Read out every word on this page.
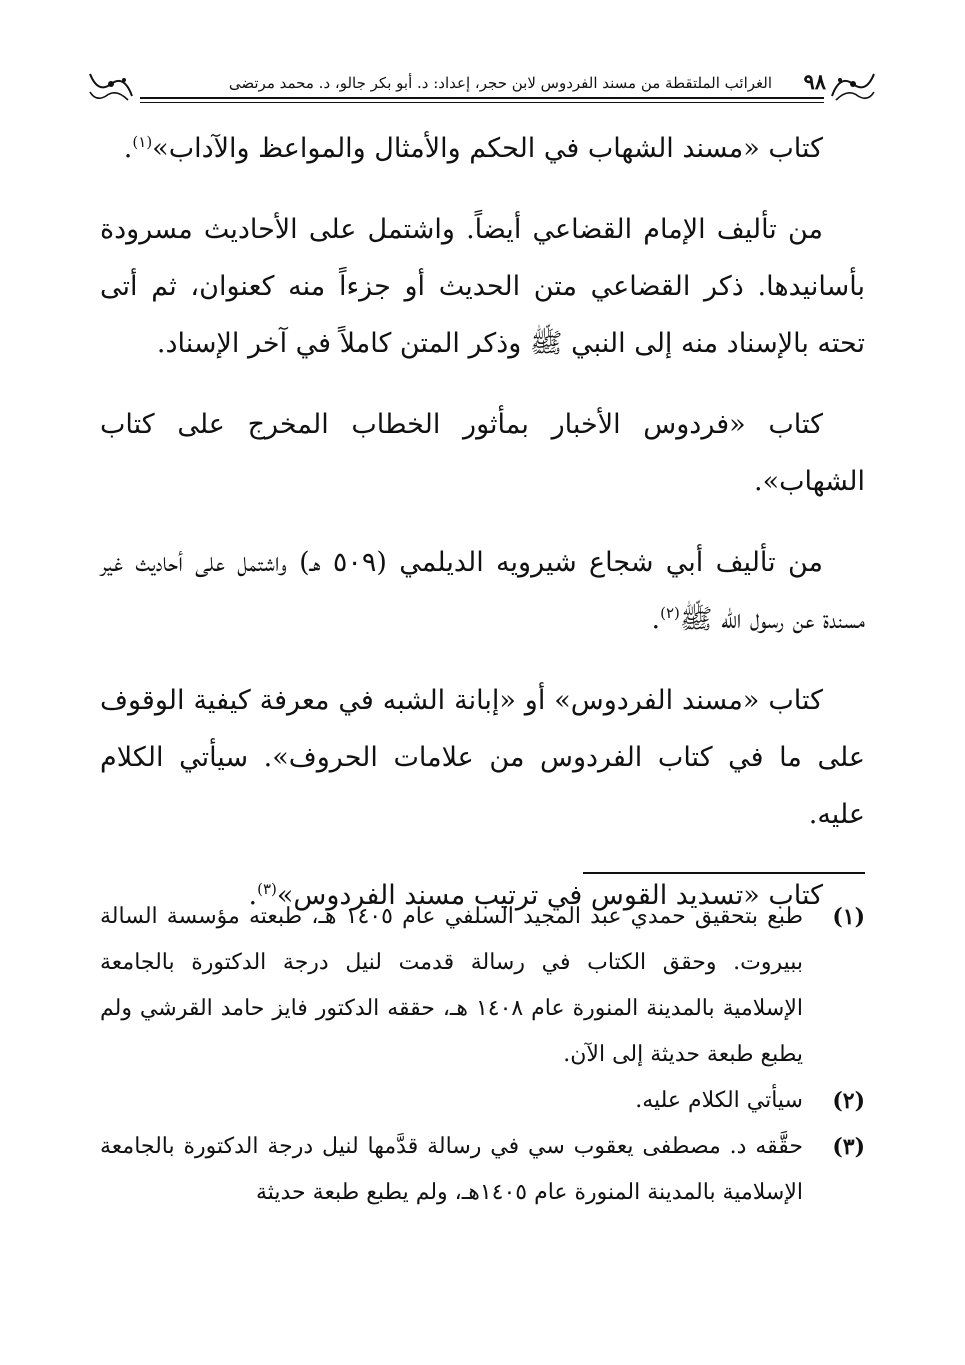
٩٨
الغرائب الملتقطة من مسند الفردوس لابن حجر، إعداد: د. أبو بكر جالو، د. محمد مرتضى

كتاب «مسند الشهاب في الحكم والأمثال والمواعظ والآداب»$^{(١)}$.

من تأليف الإمام القضاعي أيضاً. واشتمل على الأحاديث مسرودة بأسانيدها. ذكر القضاعي متن الحديث أو جزءاً منه كعنوان، ثم أتى تحته بالإسناد منه إلى النبي ﷺ وذكر المتن كاملاً في آخر الإسناد.

كتاب «فردوس الأخبار بمأثور الخطاب المخرج على كتاب الشهاب».

من تأليف أبي شجاع شيرويه الديلمي (٥٠٩ هـ) واشتمل على أحاديث غير مسندة عن رسول الله ﷺ$^{(٢)}$.

كتاب «مسند الفردوس» أو «إبانة الشبه في معرفة كيفية الوقوف على ما في كتاب الفردوس من علامات الحروف». سيأتي الكلام عليه.

كتاب «تسديد القوس في ترتيب مسند الفردوس»$^{(٣)}$.

(١)
طبع بتحقيق حمدي عبد المجيد السلفي عام ١٤٠٥ هـ، طبعته مؤسسة السالة ببيروت. وحقق الكتاب في رسالة قدمت لنيل درجة الدكتورة بالجامعة الإسلامية بالمدينة المنورة عام ١٤٠٨ هـ، حققه الدكتور فايز حامد القرشي ولم يطبع طبعة حديثة إلى الآن.
(٢)
سيأتي الكلام عليه.
(٣)
حقَّقه د. مصطفى يعقوب سي في رسالة قدَّمها لنيل درجة الدكتورة بالجامعة الإسلامية بالمدينة المنورة عام ١٤٠٥هـ، ولم يطبع طبعة حديثة
